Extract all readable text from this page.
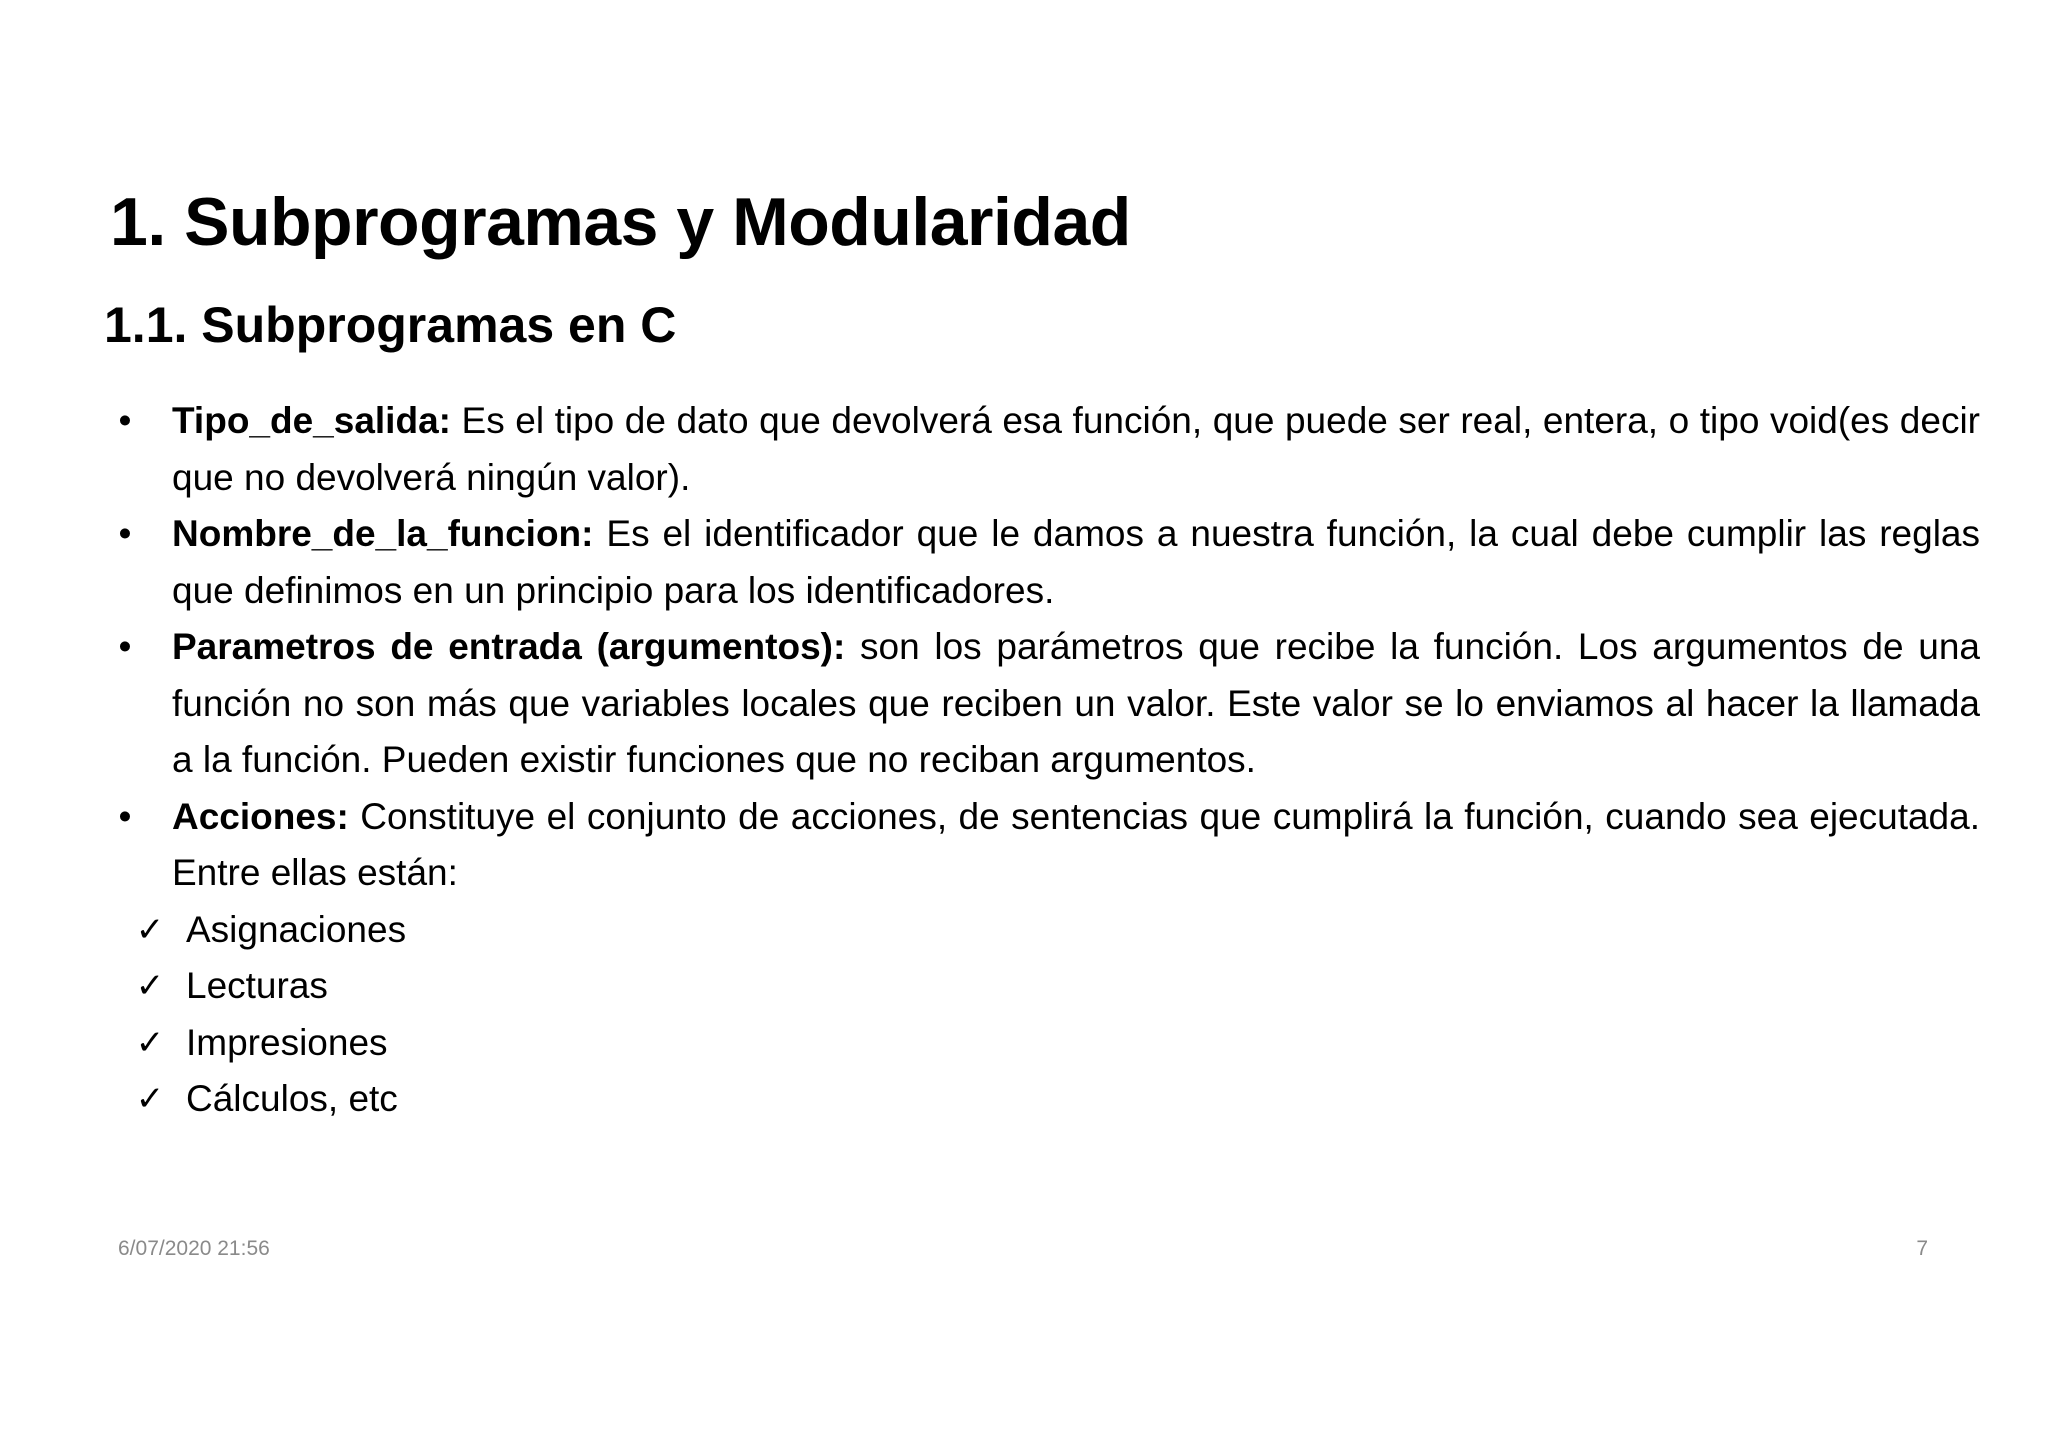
1. Subprogramas y Modularidad
1.1. Subprogramas en C
• Tipo_de_salida: Es el tipo de dato que devolverá esa función, que puede ser real, entera, o tipo void(es decir que no devolverá ningún valor).
• Nombre_de_la_funcion: Es el identificador que le damos a nuestra función, la cual debe cumplir las reglas que definimos en un principio para los identificadores.
• Parametros de entrada (argumentos): son los parámetros que recibe la función. Los argumentos de una función no son más que variables locales que reciben un valor. Este valor se lo enviamos al hacer la llamada a la función. Pueden existir funciones que no reciban argumentos.
• Acciones: Constituye el conjunto de acciones, de sentencias que cumplirá la función, cuando sea ejecutada. Entre ellas están:
✓ Asignaciones
✓ Lecturas
✓ Impresiones
✓ Cálculos, etc
6/07/2020 21:56	7
